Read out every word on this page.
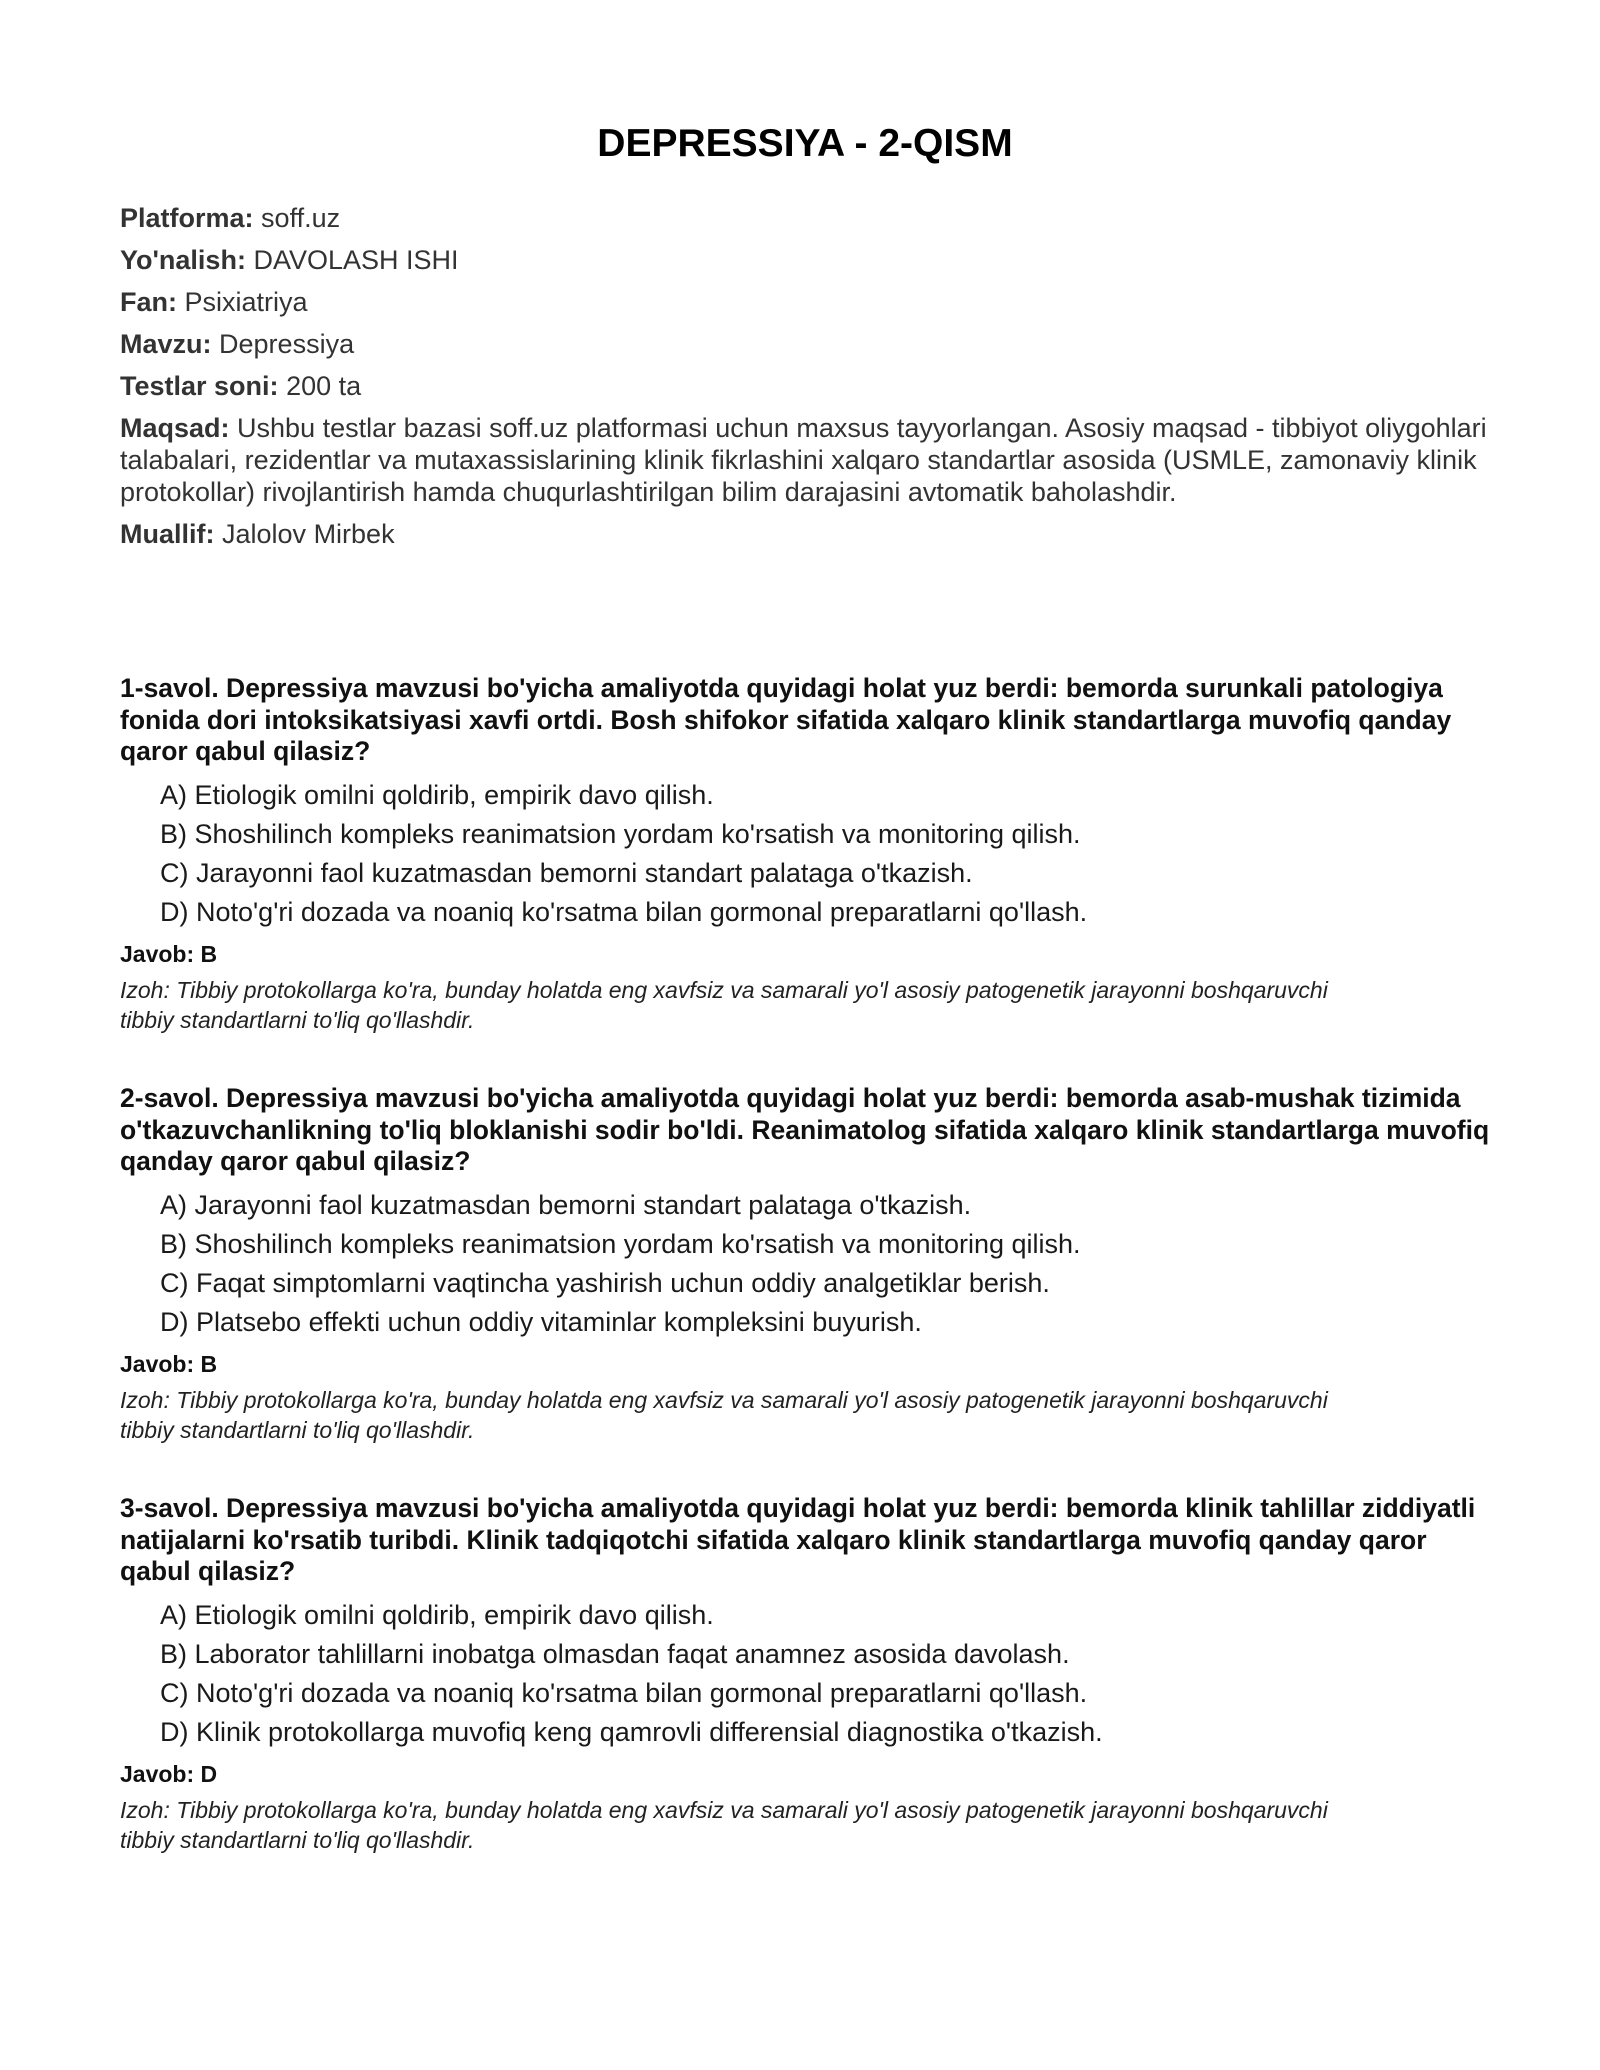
DEPRESSIYA - 2-QISM
Platforma: soff.uz
Yo'nalish: DAVOLASH ISHI
Fan: Psixiatriya
Mavzu: Depressiya
Testlar soni: 200 ta
Maqsad: Ushbu testlar bazasi soff.uz platformasi uchun maxsus tayyorlangan. Asosiy maqsad - tibbiyot oliygohlari talabalari, rezidentlar va mutaxassislarining klinik fikrlashini xalqaro standartlar asosida (USMLE, zamonaviy klinik protokollar) rivojlantirish hamda chuqurlashtirilgan bilim darajasini avtomatik baholashdir.
Muallif: Jalolov Mirbek

1-savol. Depressiya mavzusi bo'yicha amaliyotda quyidagi holat yuz berdi: bemorda surunkali patologiya fonida dori intoksikatsiyasi xavfi ortdi. Bosh shifokor sifatida xalqaro klinik standartlarga muvofiq qanday qaror qabul qilasiz?

A) Etiologik omilni qoldirib, empirik davo qilish.
B) Shoshilinch kompleks reanimatsion yordam ko'rsatish va monitoring qilish.
C) Jarayonni faol kuzatmasdan bemorni standart palataga o'tkazish.
D) Noto'g'ri dozada va noaniq ko'rsatma bilan gormonal preparatlarni qo'llash.
Javob: B
Izoh: Tibbiy protokollarga ko'ra, bunday holatda eng xavfsiz va samarali yo'l asosiy patogenetik jarayonni boshqaruvchi tibbiy standartlarni to'liq qo'llashdir.

2-savol. Depressiya mavzusi bo'yicha amaliyotda quyidagi holat yuz berdi: bemorda asab-mushak tizimida o'tkazuvchanlikning to'liq bloklanishi sodir bo'ldi. Reanimatolog sifatida xalqaro klinik standartlarga muvofiq qanday qaror qabul qilasiz?

A) Jarayonni faol kuzatmasdan bemorni standart palataga o'tkazish.
B) Shoshilinch kompleks reanimatsion yordam ko'rsatish va monitoring qilish.
C) Faqat simptomlarni vaqtincha yashirish uchun oddiy analgetiklar berish.
D) Platsebo effekti uchun oddiy vitaminlar kompleksini buyurish.
Javob: B
Izoh: Tibbiy protokollarga ko'ra, bunday holatda eng xavfsiz va samarali yo'l asosiy patogenetik jarayonni boshqaruvchi tibbiy standartlarni to'liq qo'llashdir.

3-savol. Depressiya mavzusi bo'yicha amaliyotda quyidagi holat yuz berdi: bemorda klinik tahlillar ziddiyatli natijalarni ko'rsatib turibdi. Klinik tadqiqotchi sifatida xalqaro klinik standartlarga muvofiq qanday qaror qabul qilasiz?

A) Etiologik omilni qoldirib, empirik davo qilish.
B) Laborator tahlillarni inobatga olmasdan faqat anamnez asosida davolash.
C) Noto'g'ri dozada va noaniq ko'rsatma bilan gormonal preparatlarni qo'llash.
D) Klinik protokollarga muvofiq keng qamrovli differensial diagnostika o'tkazish.
Javob: D
Izoh: Tibbiy protokollarga ko'ra, bunday holatda eng xavfsiz va samarali yo'l asosiy patogenetik jarayonni boshqaruvchi tibbiy standartlarni to'liq qo'llashdir.
